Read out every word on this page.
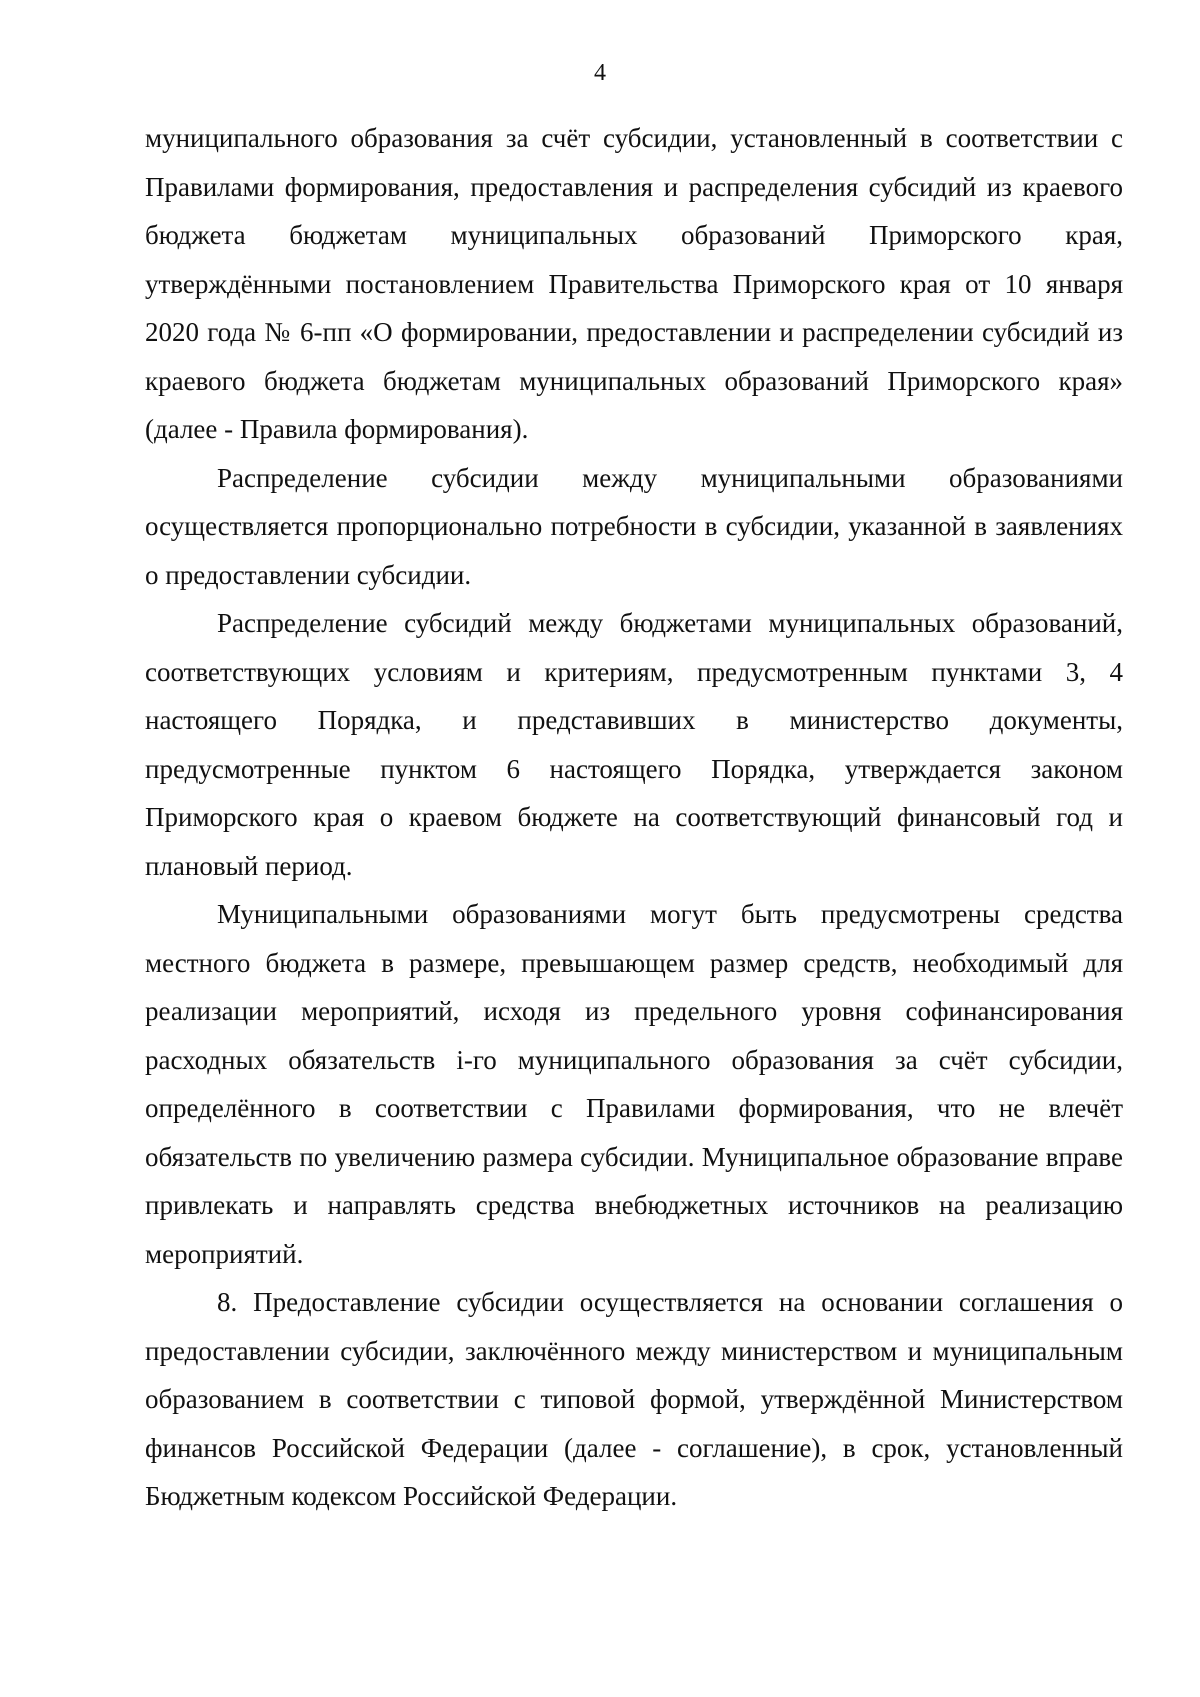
4

муниципального образования за счёт субсидии, установленный в соответствии с Правилами формирования, предоставления и распределения субсидий из краевого бюджета бюджетам муниципальных образований Приморского края, утверждёнными постановлением Правительства Приморского края от 10 января 2020 года № 6-пп «О формировании, предоставлении и распределении субсидий из краевого бюджета бюджетам муниципальных образований Приморского края» (далее - Правила формирования).

Распределение субсидии между муниципальными образованиями осуществляется пропорционально потребности в субсидии, указанной в заявлениях о предоставлении субсидии.

Распределение субсидий между бюджетами муниципальных образований, соответствующих условиям и критериям, предусмотренным пунктами 3, 4 настоящего Порядка, и представивших в министерство документы, предусмотренные пунктом 6 настоящего Порядка, утверждается законом Приморского края о краевом бюджете на соответствующий финансовый год и плановый период.

Муниципальными образованиями могут быть предусмотрены средства местного бюджета в размере, превышающем размер средств, необходимый для реализации мероприятий, исходя из предельного уровня софинансирования расходных обязательств i-го муниципального образования за счёт субсидии, определённого в соответствии с Правилами формирования, что не влечёт обязательств по увеличению размера субсидии. Муниципальное образование вправе привлекать и направлять средства внебюджетных источников на реализацию мероприятий.

8. Предоставление субсидии осуществляется на основании соглашения о предоставлении субсидии, заключённого между министерством и муниципальным образованием в соответствии с типовой формой, утверждённой Министерством финансов Российской Федерации (далее - соглашение), в срок, установленный Бюджетным кодексом Российской Федерации.
